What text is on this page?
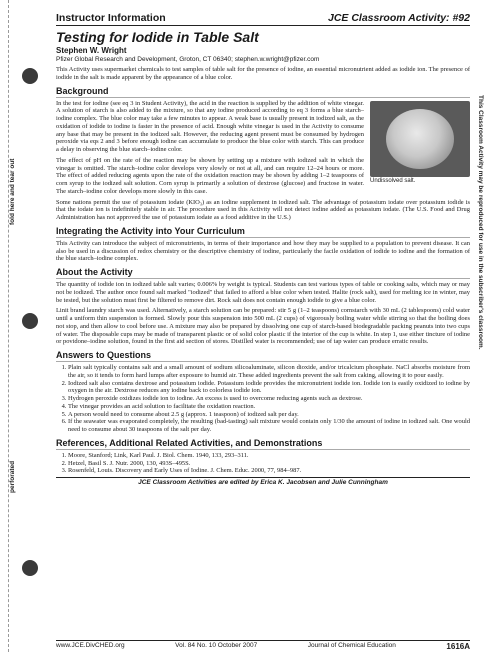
fold here and tear out
perforated
This Classroom Activity may be reproduced for use in the subscriber's classroom.
Instructor Information	JCE Classroom Activity: #92
Testing for Iodide in Table Salt
Stephen W. Wright
Pfizer Global Research and Development, Groton, CT 06340; stephen.w.wright@pfizer.com

This Activity uses supermarket chemicals to test samples of table salt for the presence of iodine, an essential micronutrient added as iodide ion. The presence of iodide in the salt is made apparent by the appearance of a blue color.

Background
Undissolved salt.

In the test for iodine (see eq 3 in Student Activity), the acid in the reaction is supplied by the addition of white vinegar. A solution of starch is also added to the mixture, so that any iodine produced according to eq 3 forms a blue starch–iodine complex. The blue color may take a few minutes to appear. A weak base is usually present in iodized salt, as the oxidation of iodide to iodine is faster in the presence of acid. Enough white vinegar is used in the Activity to consume any base that may be present in the iodized salt. However, the reducing agent present must be consumed by hydrogen peroxide via eqs 2 and 3 before enough iodine can accumulate to produce the blue color with starch. This can produce a delay in observing the blue starch–iodine color.

The effect of pH on the rate of the reaction may be shown by setting up a mixture with iodized salt in which the vinegar is omitted. The starch–iodine color develops very slowly or not at all, and can require 12–24 hours or more. The effect of added reducing agents upon the rate of the oxidation reaction may be shown by adding 1–2 teaspoons of corn syrup to the iodized salt solution. Corn syrup is primarily a solution of dextrose (glucose) and fructose in water. The starch–iodine color develops more slowly in this case.

Some nations permit the use of potassium iodate (KIO₃) as an iodine supplement in iodized salt. The advantage of potassium iodate over potassium iodide is that the iodate ion is indefinitely stable in air. The procedure used in this Activity will not detect iodine added as potassium iodate. (The U.S. Food and Drug Administration has not approved the use of potassium iodate as a food additive in the U.S.)

Integrating the Activity into Your Curriculum

This Activity can introduce the subject of micronutrients, in terms of their importance and how they may be supplied to a population to prevent disease. It can also be used in a discussion of redox chemistry or the descriptive chemistry of iodine, particularly the facile oxidation of iodide to iodine and the formation of the blue starch–iodine complex.

About the Activity

The quantity of iodide ion in iodized table salt varies; 0.006% by weight is typical. Students can test various types of table or cooking salts, which may or may not be iodized. The author once found salt marked "iodized" that failed to afford a blue color when tested. Halite (rock salt), used for melting ice in winter, may be tested, but the solution must first be filtered to remove dirt. Rock salt does not contain enough iodide to give a blue color.

Linit brand laundry starch was used. Alternatively, a starch solution can be prepared: stir 5 g (1–2 teaspoons) cornstarch with 30 mL (2 tablespoons) cold water until a uniform thin suspension is formed. Slowly pour this suspension into 500 mL (2 cups) of vigorously boiling water while stirring so that the boiling does not stop, and then allow to cool before use. A mixture may also be prepared by dissolving one cup of starch-based biodegradable packing peanuts into two cups of water. The disposable cups may be made of transparent plastic or of solid color plastic if the interior of the cup is white. In step 1, use either tincture of iodine or povidone–iodine solution, found in the first aid section of stores. Distilled water is recommended; use of tap water can produce erratic results.

Answers to Questions
1. Plain salt typically contains salt and a small amount of sodium silicoaluminate, silicon dioxide, and/or tricalcium phosphate. NaCl absorbs moisture from the air, so it tends to form hard lumps after exposure to humid air. These added ingredients prevent the salt from caking, allowing it to pour easily.
2. Iodized salt also contains dextrose and potassium iodide. Potassium iodide provides the micronutrient iodide ion. Iodide ion is easily oxidized to iodine by oxygen in the air. Dextrose reduces any iodine back to colorless iodide ion.
3. Hydrogen peroxide oxidizes iodide ion to iodine. An excess is used to overcome reducing agents such as dextrose.
4. The vinegar provides an acid solution to facilitate the oxidation reaction.
5. A person would need to consume about 2.5 g (approx. 1 teaspoon) of iodized salt per day.
6. If the seawater was evaporated completely, the resulting (bad-tasting) salt mixture would contain only 1/30 the amount of iodine in iodized salt. One would need to consume about 30 teaspoons of the salt per day.
References, Additional Related Activities, and Demonstrations
1. Moore, Stanford; Link, Karl Paul. J. Biol. Chem. 1940, 133, 293–311.
2. Hetzel, Basil S. J. Nutr. 2000, 130, 493S–495S.
3. Rosenfeld, Louis. Discovery and Early Uses of Iodine. J. Chem. Educ. 2000, 77, 984–987.
JCE Classroom Activities are edited by Erica K. Jacobsen and Julie Cunningham
www.JCE.DivCHED.org	Vol. 84 No. 10 October 2007	Journal of Chemical Education	1616A
